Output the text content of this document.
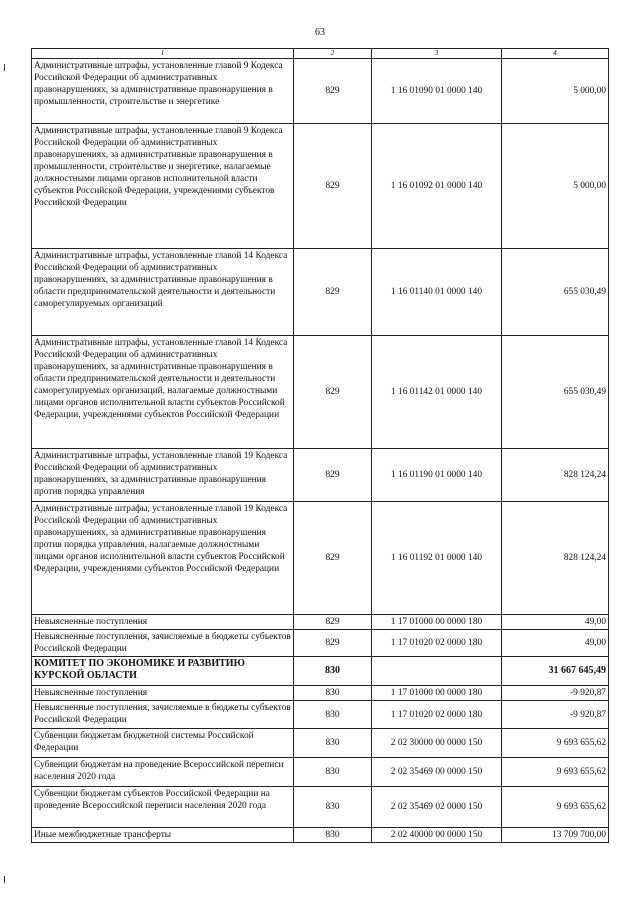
63
1	2	3	4
Административные штрафы, установленные главой 9 Кодекса Российской Федерации об административных правонарушениях, за административные правонарушения в промышленности, строительстве и энергетике	829	1 16 01090 01 0000 140	5 000,00
Административные штрафы, установленные главой 9 Кодекса Российской Федерации об административных правонарушениях, за административные правонарушения в промышленности, строительстве и энергетике, налагаемые должностными лицами органов исполнительной власти субъектов Российской Федерации, учреждениями субъектов Российской Федерации	829	1 16 01092 01 0000 140	5 000,00
Административные штрафы, установленные главой 14 Кодекса Российской Федерации об административных правонарушениях, за административные правонарушения в области предпринимательской деятельности и деятельности саморегулируемых организаций	829	1 16 01140 01 0000 140	655 030,49
Административные штрафы, установленные главой 14 Кодекса Российской Федерации об административных правонарушениях, за административные правонарушения в области предпринимательской деятельности и деятельности саморегулируемых организаций, налагаемые должностными лицами органов исполнительной власти субъектов Российской Федерации, учреждениями субъектов Российской Федерации	829	1 16 01142 01 0000 140	655 030,49
Административные штрафы, установленные главой 19 Кодекса Российской Федерации об административных правонарушениях, за административные правонарушения против порядка управления	829	1 16 01190 01 0000 140	828 124,24
Административные штрафы, установленные главой 19 Кодекса Российской Федерации об административных правонарушениях, за административные правонарушения против порядка управления, налагаемые должностными лицами органов исполнительной власти субъектов Российской Федерации, учреждениями субъектов Российской Федерации	829	1 16 01192 01 0000 140	828 124,24
Невыясненные поступления	829	1 17 01000 00 0000 180	49,00
Невыясненные поступления, зачисляемые в бюджеты субъектов Российской Федерации	829	1 17 01020 02 0000 180	49,00
КОМИТЕТ ПО ЭКОНОМИКЕ И РАЗВИТИЮ КУРСКОЙ ОБЛАСТИ	830		31 667 645,49
Невыясненные поступления	830	1 17 01000 00 0000 180	-9 920,87
Невыясненные поступления, зачисляемые в бюджеты субъектов Российской Федерации	830	1 17 01020 02 0000 180	-9 920,87
Субвенции бюджетам бюджетной системы Российской Федерации	830	2 02 30000 00 0000 150	9 693 655,62
Субвенции бюджетам на проведение Всероссийской переписи населения 2020 года	830	2 02 35469 00 0000 150	9 693 655,62
Субвенции бюджетам субъектов Российской Федерации на проведение Всероссийской переписи населения 2020 года	830	2 02 35469 02 0000 150	9 693 655,62
Иные межбюджетные трансферты	830	2 02 40000 00 0000 150	13 709 700,00
